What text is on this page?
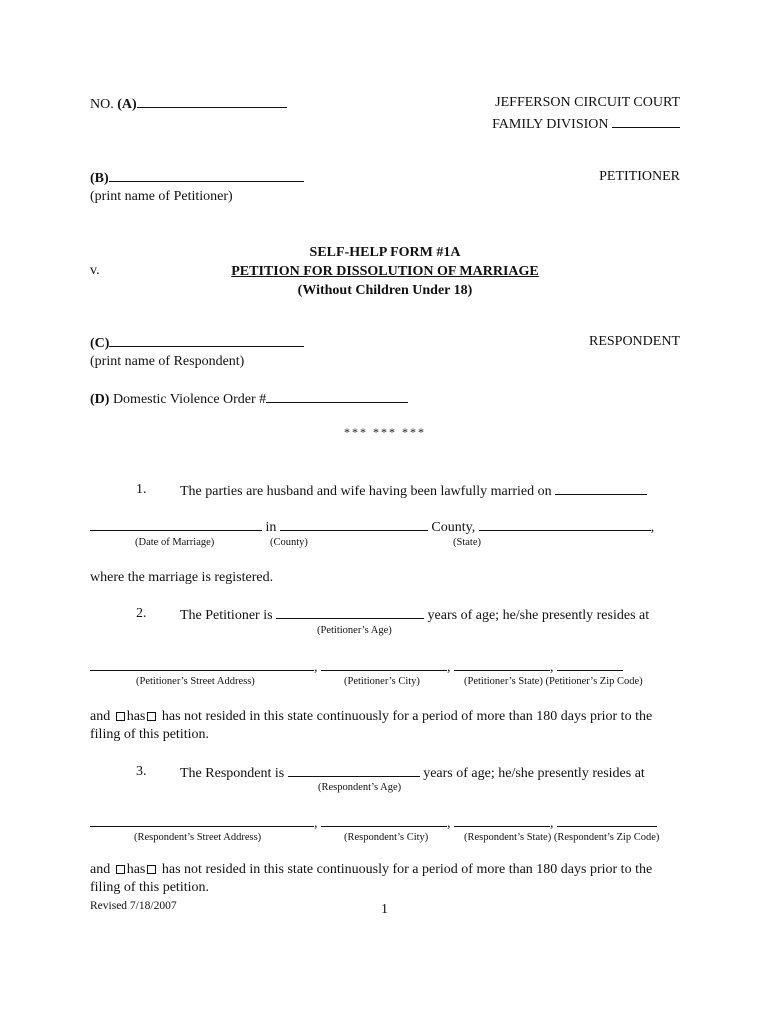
NO. (A)	JEFFERSON CIRCUIT COURT
FAMILY DIVISION
(B)
(print name of Petitioner)
PETITIONER
SELF-HELP FORM #1A
PETITION FOR DISSOLUTION OF MARRIAGE
(Without Children Under 18)
v.
(C)
(print name of Respondent)
RESPONDENT
(D) Domestic Violence Order #
*** *** ***
1. The parties are husband and wife having been lawfully married on
in	County,	,
(Date of Marriage)	(County)	(State)
where the marriage is registered.
2. The Petitioner is	years of age; he/she presently resides at
(Petitioner’s Age)
,	,	,
(Petitioner’s Street Address)	(Petitioner’s City)	(Petitioner’s State) (Petitioner’s Zip Code)
and has has not resided in this state continuously for a period of more than 180 days prior to the
filing of this petition.
3. The Respondent is	years of age; he/she presently resides at
(Respondent’s Age)
,	,	,
(Respondent’s Street Address)	(Respondent’s City)	(Respondent’s State) (Respondent’s Zip Code)
and has has not resided in this state continuously for a period of more than 180 days prior to the
filing of this petition.
Revised 7/18/2007	1
